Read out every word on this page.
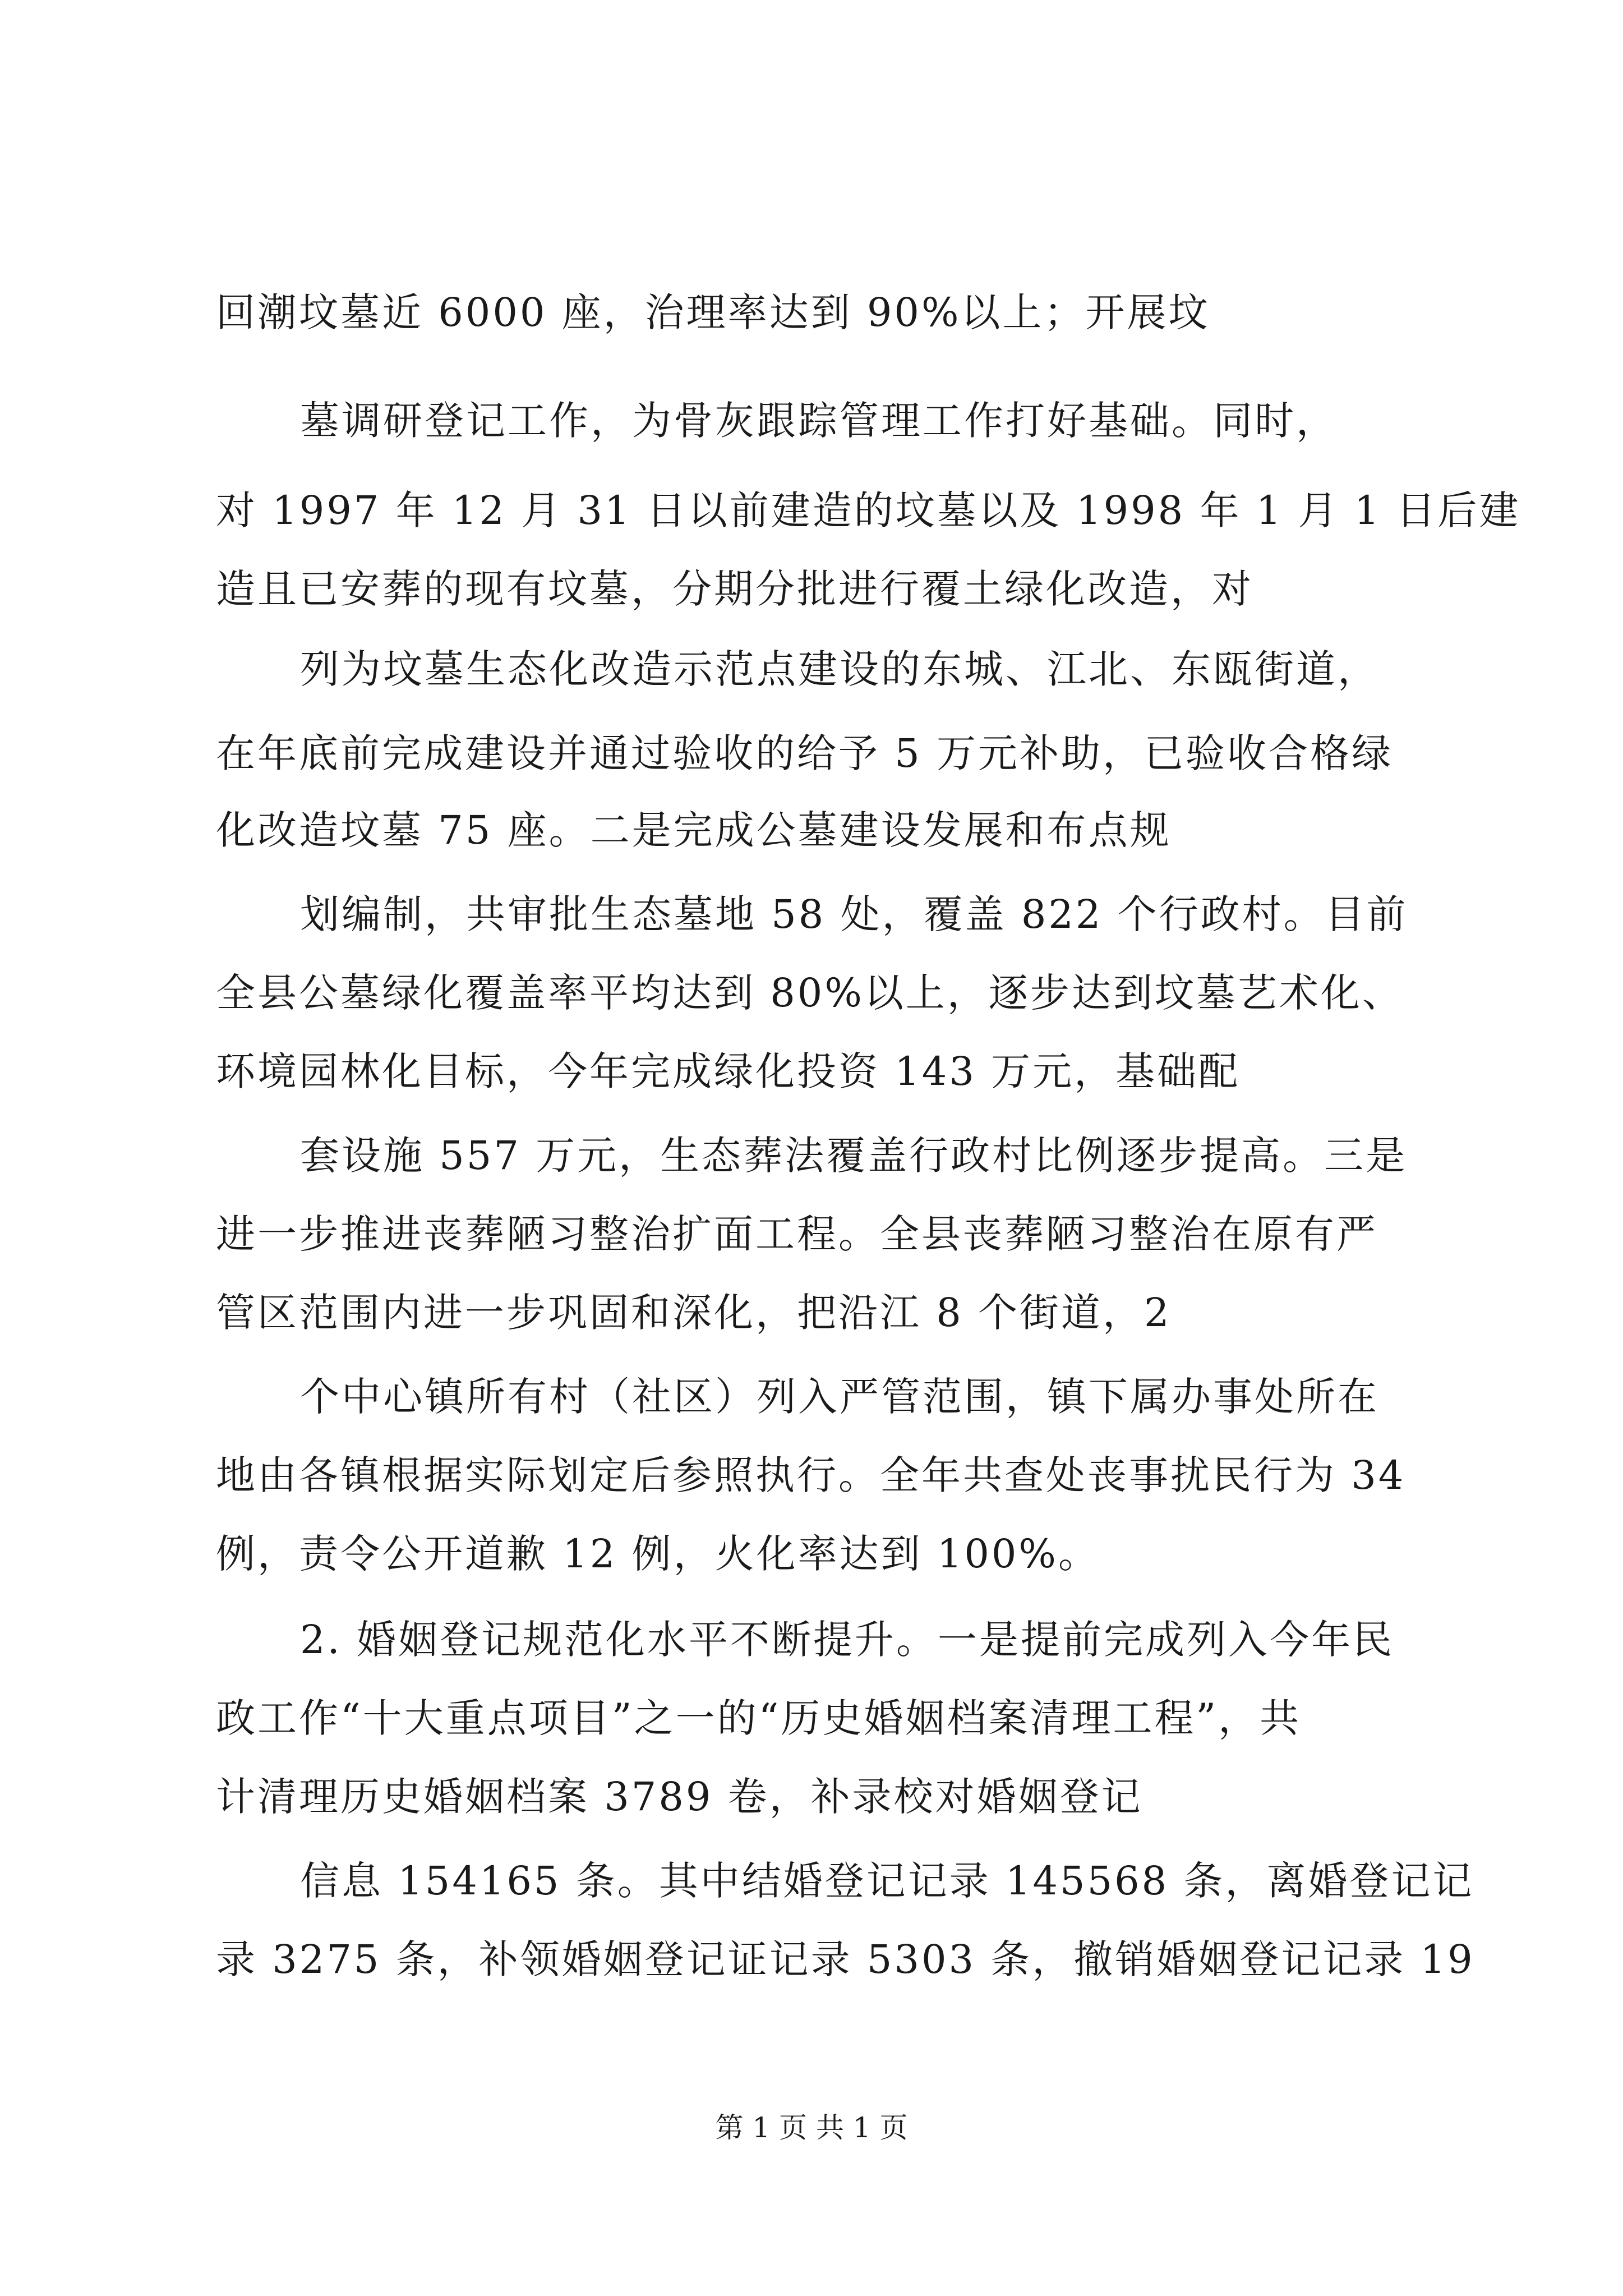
回潮坟墓近 6000 座，治理率达到 90%以上；开展坟
墓调研登记工作，为骨灰跟踪管理工作打好基础。同时，
对 1997 年 12 月 31 日以前建造的坟墓以及 1998 年 1 月 1 日后建
造且已安葬的现有坟墓，分期分批进行覆土绿化改造，对
列为坟墓生态化改造示范点建设的东城、江北、东瓯街道，
在年底前完成建设并通过验收的给予 5 万元补助，已验收合格绿
化改造坟墓 75 座。二是完成公墓建设发展和布点规
划编制，共审批生态墓地 58 处，覆盖 822 个行政村。目前
全县公墓绿化覆盖率平均达到 80%以上，逐步达到坟墓艺术化、
环境园林化目标，今年完成绿化投资 143 万元，基础配
套设施 557 万元，生态葬法覆盖行政村比例逐步提高。三是
进一步推进丧葬陋习整治扩面工程。全县丧葬陋习整治在原有严
管区范围内进一步巩固和深化，把沿江 8 个街道，2
个中心镇所有村（社区）列入严管范围，镇下属办事处所在
地由各镇根据实际划定后参照执行。全年共查处丧事扰民行为 34
例，责令公开道歉 12 例，火化率达到 100%。
2. 婚姻登记规范化水平不断提升。一是提前完成列入今年民
政工作“十大重点项目”之一的“历史婚姻档案清理工程”，共
计清理历史婚姻档案 3789 卷，补录校对婚姻登记
信息 154165 条。其中结婚登记记录 145568 条，离婚登记记
录 3275 条，补领婚姻登记证记录 5303 条，撤销婚姻登记记录 19
第 1 页 共 1 页
